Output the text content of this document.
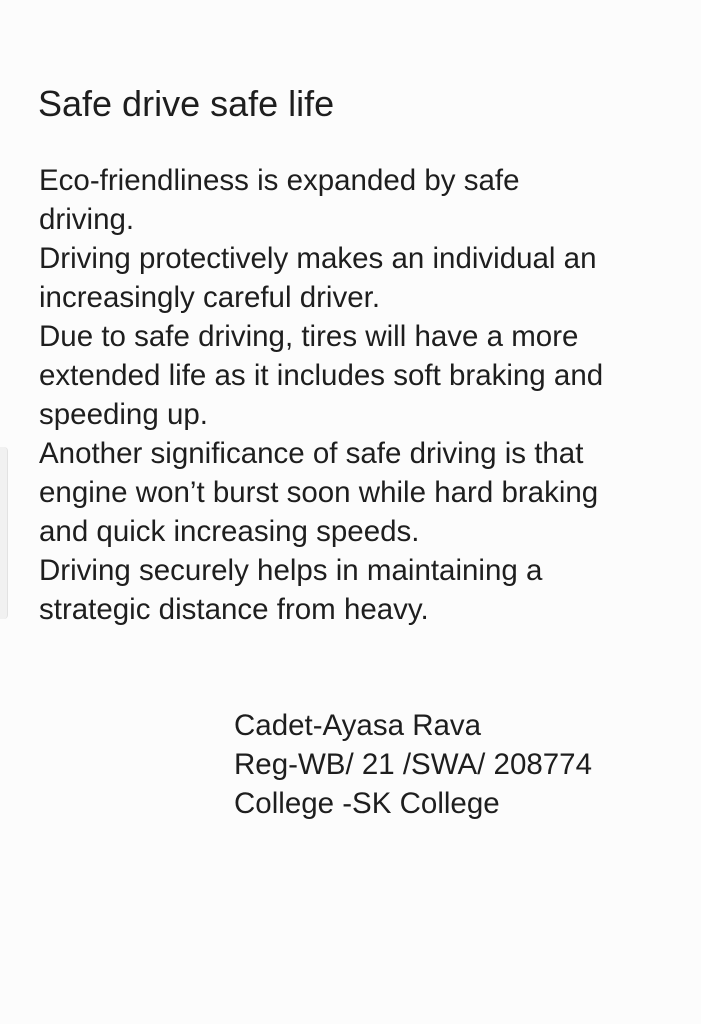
Safe drive safe life
Eco-friendliness is expanded by safe
driving.
Driving protectively makes an individual an
increasingly careful driver.
Due to safe driving, tires will have a more
extended life as it includes soft braking and
speeding up.
Another significance of safe driving is that
engine won’t burst soon while hard braking
and quick increasing speeds.
Driving securely helps in maintaining a
strategic distance from heavy.
Cadet-Ayasa Rava
Reg-WB/ 21 /SWA/ 208774
College -SK College
